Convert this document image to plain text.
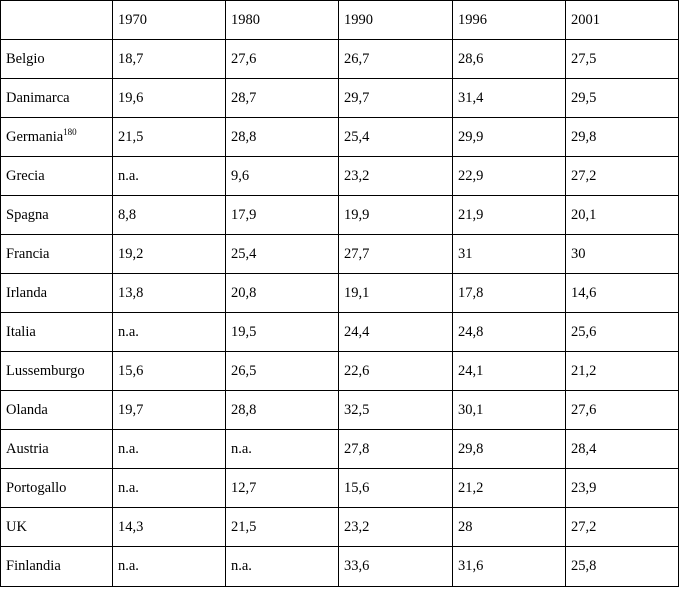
	1970	1980	1990	1996	2001
Belgio	18,7	27,6	26,7	28,6	27,5
Danimarca	19,6	28,7	29,7	31,4	29,5
Germania$^{180}$	21,5	28,8	25,4	29,9	29,8
Grecia	n.a.	9,6	23,2	22,9	27,2
Spagna	8,8	17,9	19,9	21,9	20,1
Francia	19,2	25,4	27,7	31	30
Irlanda	13,8	20,8	19,1	17,8	14,6
Italia	n.a.	19,5	24,4	24,8	25,6
Lussemburgo	15,6	26,5	22,6	24,1	21,2
Olanda	19,7	28,8	32,5	30,1	27,6
Austria	n.a.	n.a.	27,8	29,8	28,4
Portogallo	n.a.	12,7	15,6	21,2	23,9
UK	14,3	21,5	23,2	28	27,2
Finlandia	n.a.	n.a.	33,6	31,6	25,8
